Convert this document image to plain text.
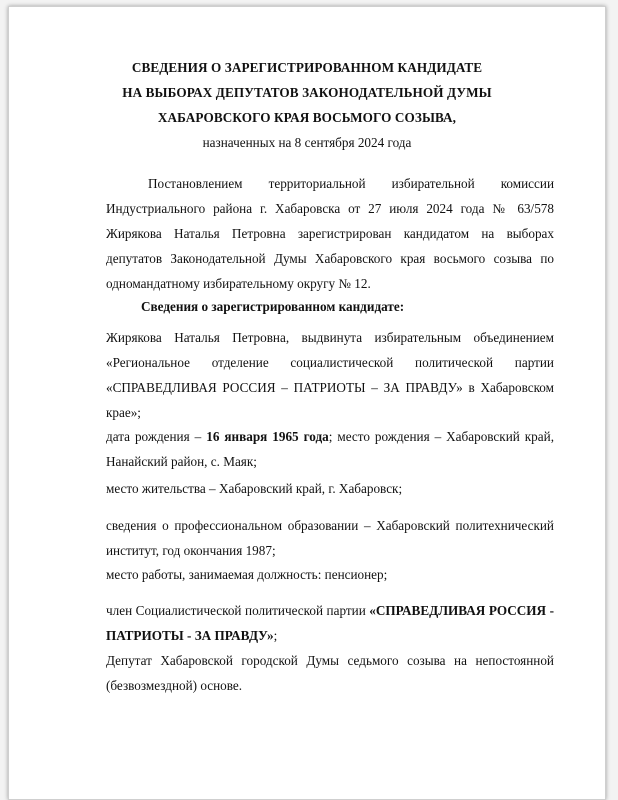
СВЕДЕНИЯ О ЗАРЕГИСТРИРОВАННОМ КАНДИДАТЕ
НА ВЫБОРАХ ДЕПУТАТОВ ЗАКОНОДАТЕЛЬНОЙ ДУМЫ
ХАБАРОВСКОГО КРАЯ ВОСЬМОГО СОЗЫВА,
назначенных на 8 сентября 2024 года
Постановлением территориальной избирательной комиссии Индустриального района г. Хабаровска от 27 июля 2024 года № 63/578 Жирякова Наталья Петровна зарегистрирован кандидатом на выборах депутатов Законодательной Думы Хабаровского края восьмого созыва по одномандатному избирательному округу № 12.
Сведения о зарегистрированном кандидате:
Жирякова Наталья Петровна, выдвинута избирательным объединением «Региональное отделение социалистической политической партии «СПРАВЕДЛИВАЯ РОССИЯ – ПАТРИОТЫ – ЗА ПРАВДУ» в Хабаровском крае»;
дата рождения – 16 января 1965 года; место рождения – Хабаровский край, Нанайский район, с. Маяк;
место жительства – Хабаровский край, г. Хабаровск;
сведения о профессиональном образовании – Хабаровский политехнический институт, год окончания 1987;
место работы, занимаемая должность: пенсионер;
член Социалистической политической партии «СПРАВЕДЛИВАЯ РОССИЯ - ПАТРИОТЫ - ЗА ПРАВДУ»;
Депутат Хабаровской городской Думы седьмого созыва на непостоянной (безвозмездной) основе.
